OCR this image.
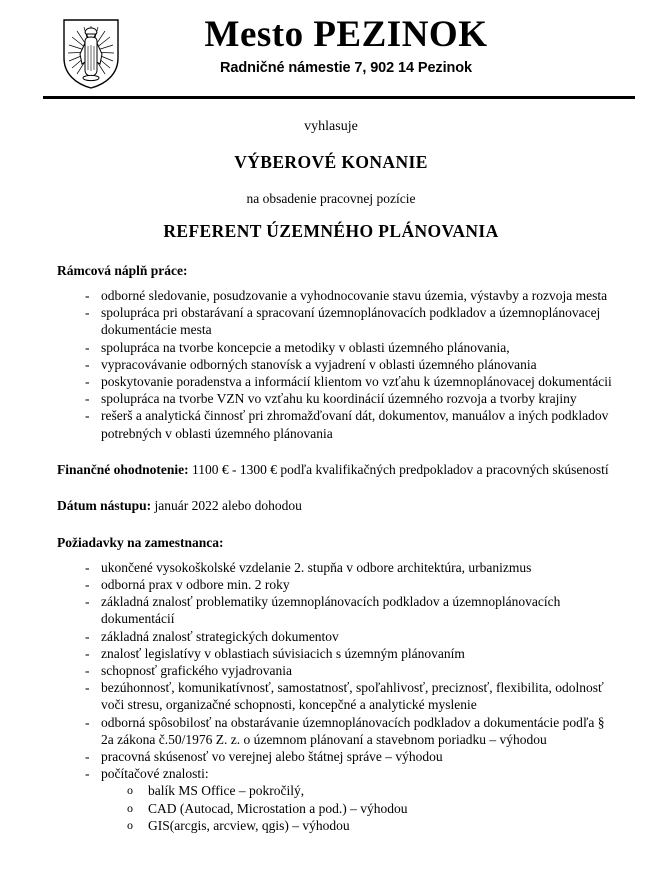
Mesto PEZINOK
Radničné námestie 7, 902 14 Pezinok
vyhlasuje
VÝBEROVÉ KONANIE
na obsadenie pracovnej pozície
REFERENT ÚZEMNÉHO PLÁNOVANIA
Rámcová náplň práce:
- odborné sledovanie, posudzovanie a vyhodnocovanie stavu územia, výstavby a rozvoja mesta
- spolupráca pri obstarávaní a spracovaní územnoplánovacích podkladov a územnoplánovacej dokumentácie mesta
- spolupráca na tvorbe koncepcie a metodiky v oblasti územného plánovania,
- vypracovávanie odborných stanovísk a vyjadrení v oblasti územného plánovania
- poskytovanie poradenstva a informácií klientom vo vzťahu k územnoplánovacej dokumentácii
- spolupráca na tvorbe VZN vo vzťahu ku koordinácií územného rozvoja a tvorby krajiny
- rešerš a analytická činnosť pri zhromažďovaní dát, dokumentov, manuálov a iných podkladov potrebných v oblasti územného plánovania
Finančné ohodnotenie: 1100 € - 1300 € podľa kvalifikačných predpokladov a pracovných skúseností
Dátum nástupu: január 2022 alebo dohodou
Požiadavky na zamestnanca:
- ukončené vysokoškolské vzdelanie 2. stupňa v odbore architektúra, urbanizmus
- odborná prax v odbore min. 2 roky
- základná znalosť problematiky územnoplánovacích podkladov a územnoplánovacích dokumentácií
- základná znalosť strategických dokumentov
- znalosť legislatívy v oblastiach súvisiacich s územným plánovaním
- schopnosť grafického vyjadrovania
- bezúhonnosť, komunikatívnosť, samostatnosť, spoľahlivosť, preciznosť, flexibilita, odolnosť voči stresu, organizačné schopnosti, koncepčné a analytické myslenie
- odborná spôsobilosť na obstarávanie územnoplánovacích podkladov a dokumentácie podľa § 2a zákona č.50/1976 Z. z. o územnom plánovaní a stavebnom poriadku – výhodou
- pracovná skúsenosť vo verejnej alebo štátnej správe – výhodou
- počítačové znalosti:
o balík MS Office – pokročilý,
o CAD (Autocad, Microstation a pod.) – výhodou
o GIS(arcgis, arcview, qgis) – výhodou
